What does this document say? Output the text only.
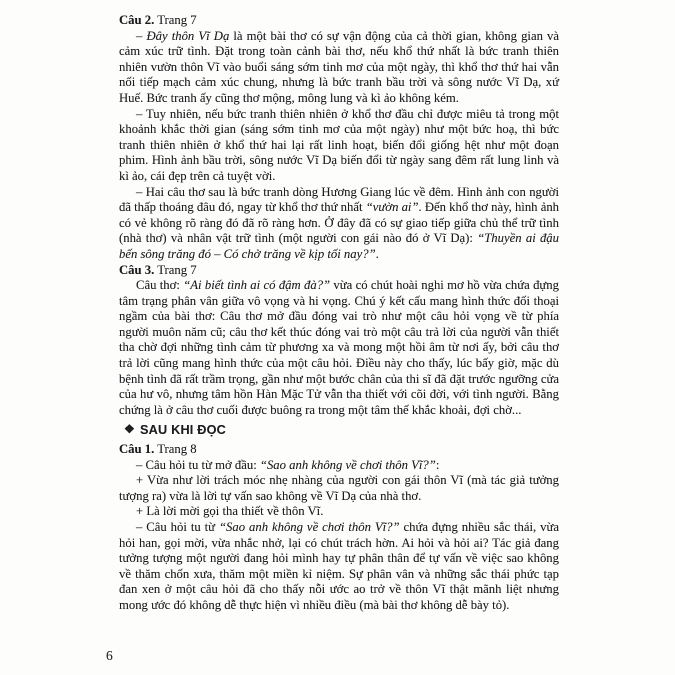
Câu 2. Trang 7

– Đây thôn Vĩ Dạ là một bài thơ có sự vận động của cả thời gian, không gian và cảm xúc trữ tình. Đặt trong toàn cảnh bài thơ, nếu khổ thứ nhất là bức tranh thiên nhiên vườn thôn Vĩ vào buổi sáng sớm tinh mơ của một ngày, thì khổ thơ thứ hai vẫn nối tiếp mạch cảm xúc chung, nhưng là bức tranh bầu trời và sông nước Vĩ Dạ, xứ Huế. Bức tranh ấy cũng thơ mộng, mông lung và kì ảo không kém.

– Tuy nhiên, nếu bức tranh thiên nhiên ở khổ thơ đầu chỉ được miêu tả trong một khoảnh khắc thời gian (sáng sớm tinh mơ của một ngày) như một bức hoạ, thì bức tranh thiên nhiên ở khổ thứ hai lại rất linh hoạt, biến đổi giống hệt như một đoạn phim. Hình ảnh bầu trời, sông nước Vĩ Dạ biến đổi từ ngày sang đêm rất lung linh và kì ảo, cái đẹp trên cả tuyệt vời.

– Hai câu thơ sau là bức tranh dòng Hương Giang lúc về đêm. Hình ảnh con người đã thấp thoáng đâu đó, ngay từ khổ thơ thứ nhất “vườn ai”. Đến khổ thơ này, hình ảnh có vẻ không rõ ràng đó đã rõ ràng hơn. Ở đây đã có sự giao tiếp giữa chủ thể trữ tình (nhà thơ) và nhân vật trữ tình (một người con gái nào đó ở Vĩ Dạ): “Thuyền ai đậu bến sông trăng đó – Có chở trăng về kịp tối nay?”.

Câu 3. Trang 7

Câu thơ: “Ai biết tình ai có đậm đà?” vừa có chút hoài nghi mơ hồ vừa chứa đựng tâm trạng phân vân giữa vô vọng và hi vọng. Chú ý kết cấu mang hình thức đối thoại ngầm của bài thơ: Câu thơ mở đầu đóng vai trò như một câu hỏi vọng về từ phía người muôn năm cũ; câu thơ kết thúc đóng vai trò một câu trả lời của người vẫn thiết tha chờ đợi những tình cảm từ phương xa và mong một hồi âm từ nơi ấy, bởi câu thơ trả lời cũng mang hình thức của một câu hỏi. Điều này cho thấy, lúc bấy giờ, mặc dù bệnh tình đã rất trầm trọng, gần như một bước chân của thi sĩ đã đặt trước ngưỡng cửa của hư vô, nhưng tâm hồn Hàn Mặc Tử vẫn tha thiết với cõi đời, với tình người. Bằng chứng là ở câu thơ cuối được buông ra trong một tâm thế khắc khoải, đợi chờ...

❖ SAU KHI ĐỌC

Câu 1. Trang 8

– Câu hỏi tu từ mở đầu: “Sao anh không về chơi thôn Vĩ?”:

+ Vừa như lời trách móc nhẹ nhàng của người con gái thôn Vĩ (mà tác giả tưởng tượng ra) vừa là lời tự vấn sao không về Vĩ Dạ của nhà thơ.

+ Là lời mời gọi tha thiết về thôn Vĩ.

– Câu hỏi tu từ “Sao anh không về chơi thôn Vĩ?” chứa đựng nhiều sắc thái, vừa hỏi han, gọi mời, vừa nhắc nhở, lại có chút trách hờn. Ai hỏi và hỏi ai? Tác giả đang tưởng tượng một người đang hỏi mình hay tự phân thân để tự vấn về việc sao không về thăm chốn xưa, thăm một miền kỉ niệm. Sự phân vân và những sắc thái phức tạp đan xen ở một câu hỏi đã cho thấy nỗi ước ao trở về thôn Vĩ thật mãnh liệt nhưng mong ước đó không dễ thực hiện vì nhiều điều (mà bài thơ không dễ bày tỏ).

6
